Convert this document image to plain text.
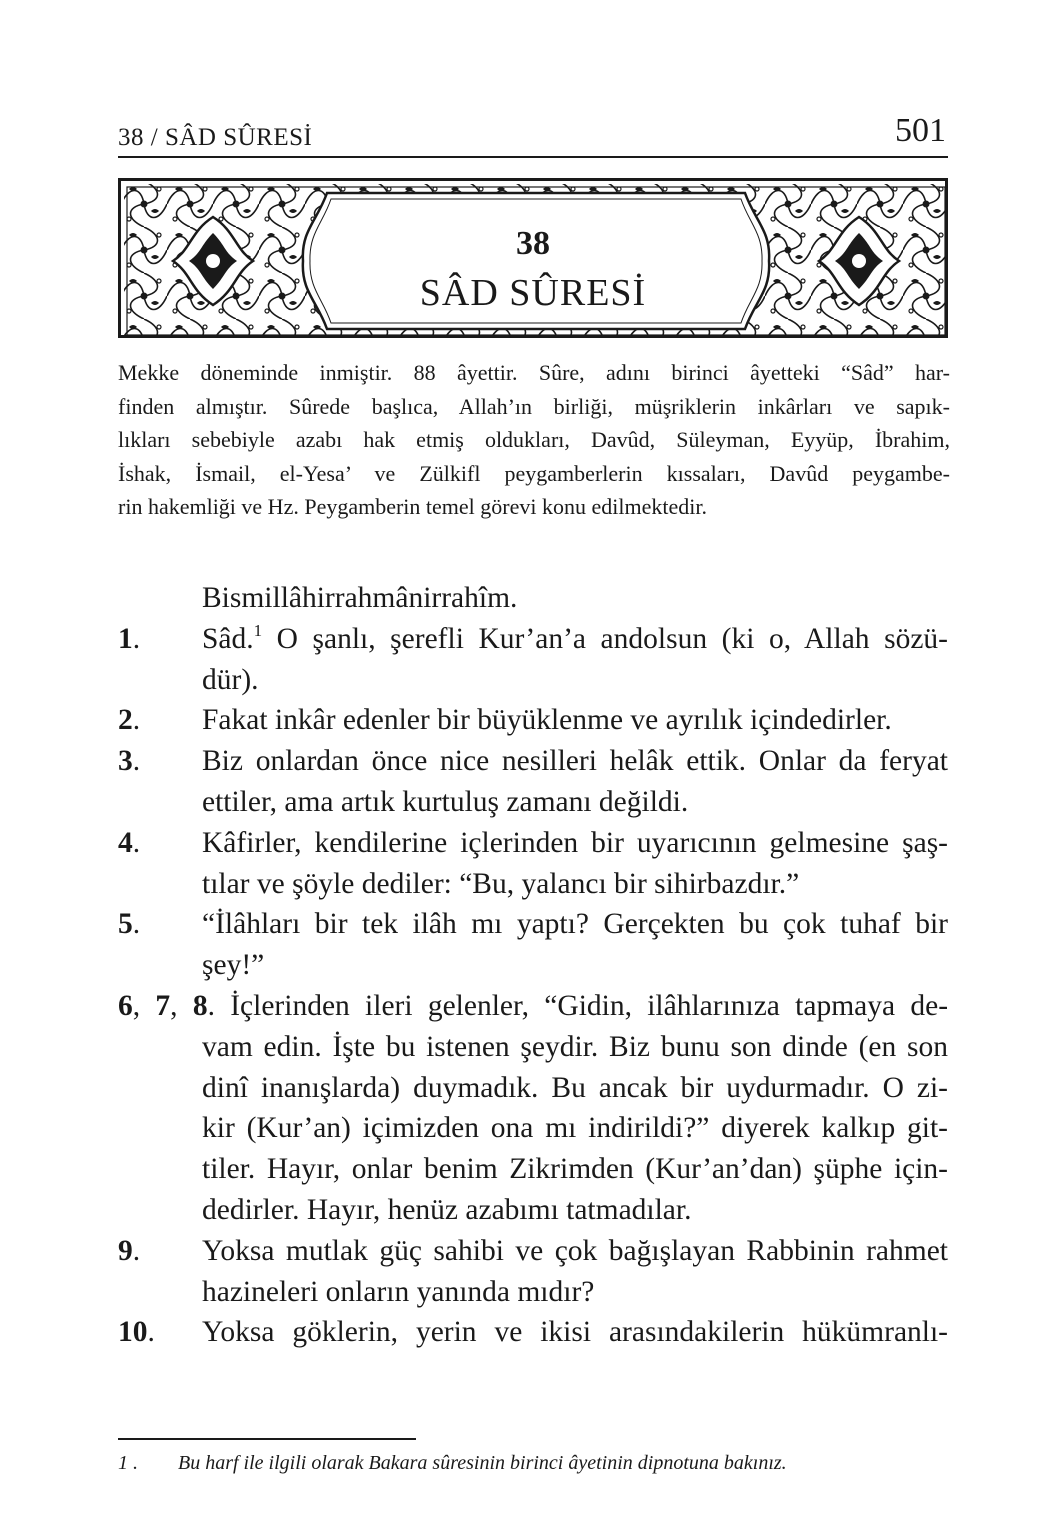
38 / SÂD SÛRESİ	501
38
SÂD SÛRESİ
Mekke döneminde inmiştir. 88 âyettir. Sûre, adını birinci âyetteki “Sâd” har-
finden almıştır. Sûrede başlıca, Allah’ın birliği, müşriklerin inkârları ve sapık-
lıkları sebebiyle azabı hak etmiş oldukları, Davûd, Süleyman, Eyyüp, İbrahim,
İshak, İsmail, el-Yesa’ ve Zülkifl peygamberlerin kıssaları, Davûd peygambe-
rin hakemliği ve Hz. Peygamberin temel görevi konu edilmektedir.
Bismillâhirrahmânirrahîm.
1. Sâd.$^1$ O şanlı, şerefli Kur’an’a andolsun (ki o, Allah sözü-
dür).
2. Fakat inkâr edenler bir büyüklenme ve ayrılık içindedirler.
3. Biz onlardan önce nice nesilleri helâk ettik. Onlar da feryat
ettiler, ama artık kurtuluş zamanı değildi.
4. Kâfirler, kendilerine içlerinden bir uyarıcının gelmesine şaş-
tılar ve şöyle dediler: “Bu, yalancı bir sihirbazdır.”
5. “İlâhları bir tek ilâh mı yaptı? Gerçekten bu çok tuhaf bir
şey!”
6, 7, 8. İçlerinden ileri gelenler, “Gidin, ilâhlarınıza tapmaya de-
vam edin. İşte bu istenen şeydir. Biz bunu son dinde (en son
dinî inanışlarda) duymadık. Bu ancak bir uydurmadır. O zi-
kir (Kur’an) içimizden ona mı indirildi?” diyerek kalkıp git-
tiler. Hayır, onlar benim Zikrimden (Kur’an’dan) şüphe için-
dedirler. Hayır, henüz azabımı tatmadılar.
9. Yoksa mutlak güç sahibi ve çok bağışlayan Rabbinin rahmet
hazineleri onların yanında mıdır?
10. Yoksa göklerin, yerin ve ikisi arasındakilerin hükümranlı-
1 . Bu harf ile ilgili olarak Bakara sûresinin birinci âyetinin dipnotuna bakınız.
